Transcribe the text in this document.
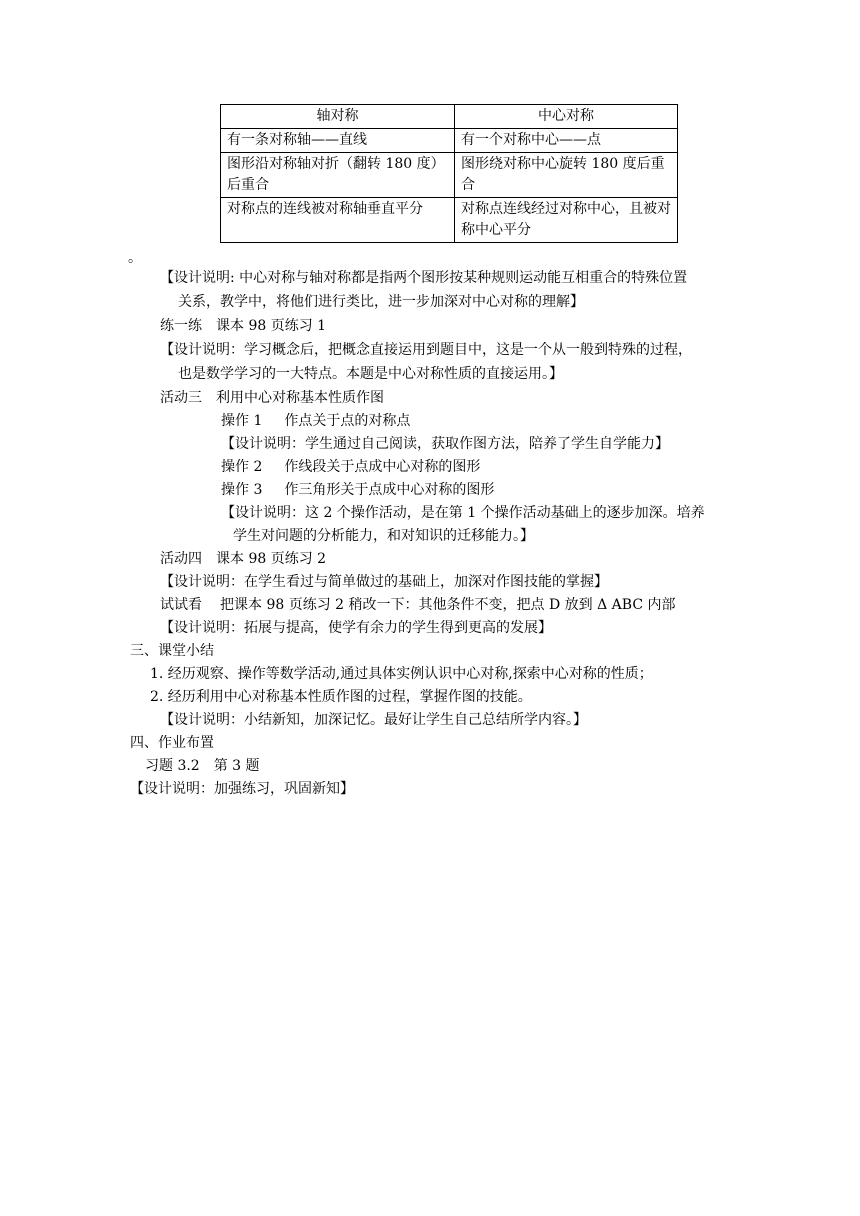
轴对称	中心对称
有一条对称轴——直线	有一个对称中心——点
图形沿对称轴对折（翻转 180 度）后重合	图形绕对称中心旋转 180 度后重合
对称点的连线被对称轴垂直平分	对称点连线经过对称中心，且被对称中心平分
。
【设计说明: 中心对称与轴对称都是指两个图形按某种规则运动能互相重合的特殊位置
关系，教学中，将他们进行类比，进一步加深对中心对称的理解】
练一练 课本 98 页练习 1
【设计说明：学习概念后，把概念直接运用到题目中，这是一个从一般到特殊的过程，
也是数学学习的一大特点。本题是中心对称性质的直接运用。】
活动三 利用中心对称基本性质作图
操作 1 作点关于点的对称点
【设计说明：学生通过自己阅读，获取作图方法，陪养了学生自学能力】
操作 2 作线段关于点成中心对称的图形
操作 3 作三角形关于点成中心对称的图形
【设计说明：这 2 个操作活动，是在第 1 个操作活动基础上的逐步加深。培养
学生对问题的分析能力，和对知识的迁移能力。】
活动四 课本 98 页练习 2
【设计说明：在学生看过与简单做过的基础上，加深对作图技能的掌握】
试试看 把课本 98 页练习 2 稍改一下：其他条件不变，把点 D 放到 Δ ABC 内部
【设计说明：拓展与提高，使学有余力的学生得到更高的发展】
三、课堂小结
1. 经历观察、操作等数学活动,通过具体实例认识中心对称,探索中心对称的性质；
2. 经历利用中心对称基本性质作图的过程，掌握作图的技能。
【设计说明：小结新知，加深记忆。最好让学生自己总结所学内容。】
四、作业布置
习题 3.2 第 3 题
【设计说明：加强练习，巩固新知】
